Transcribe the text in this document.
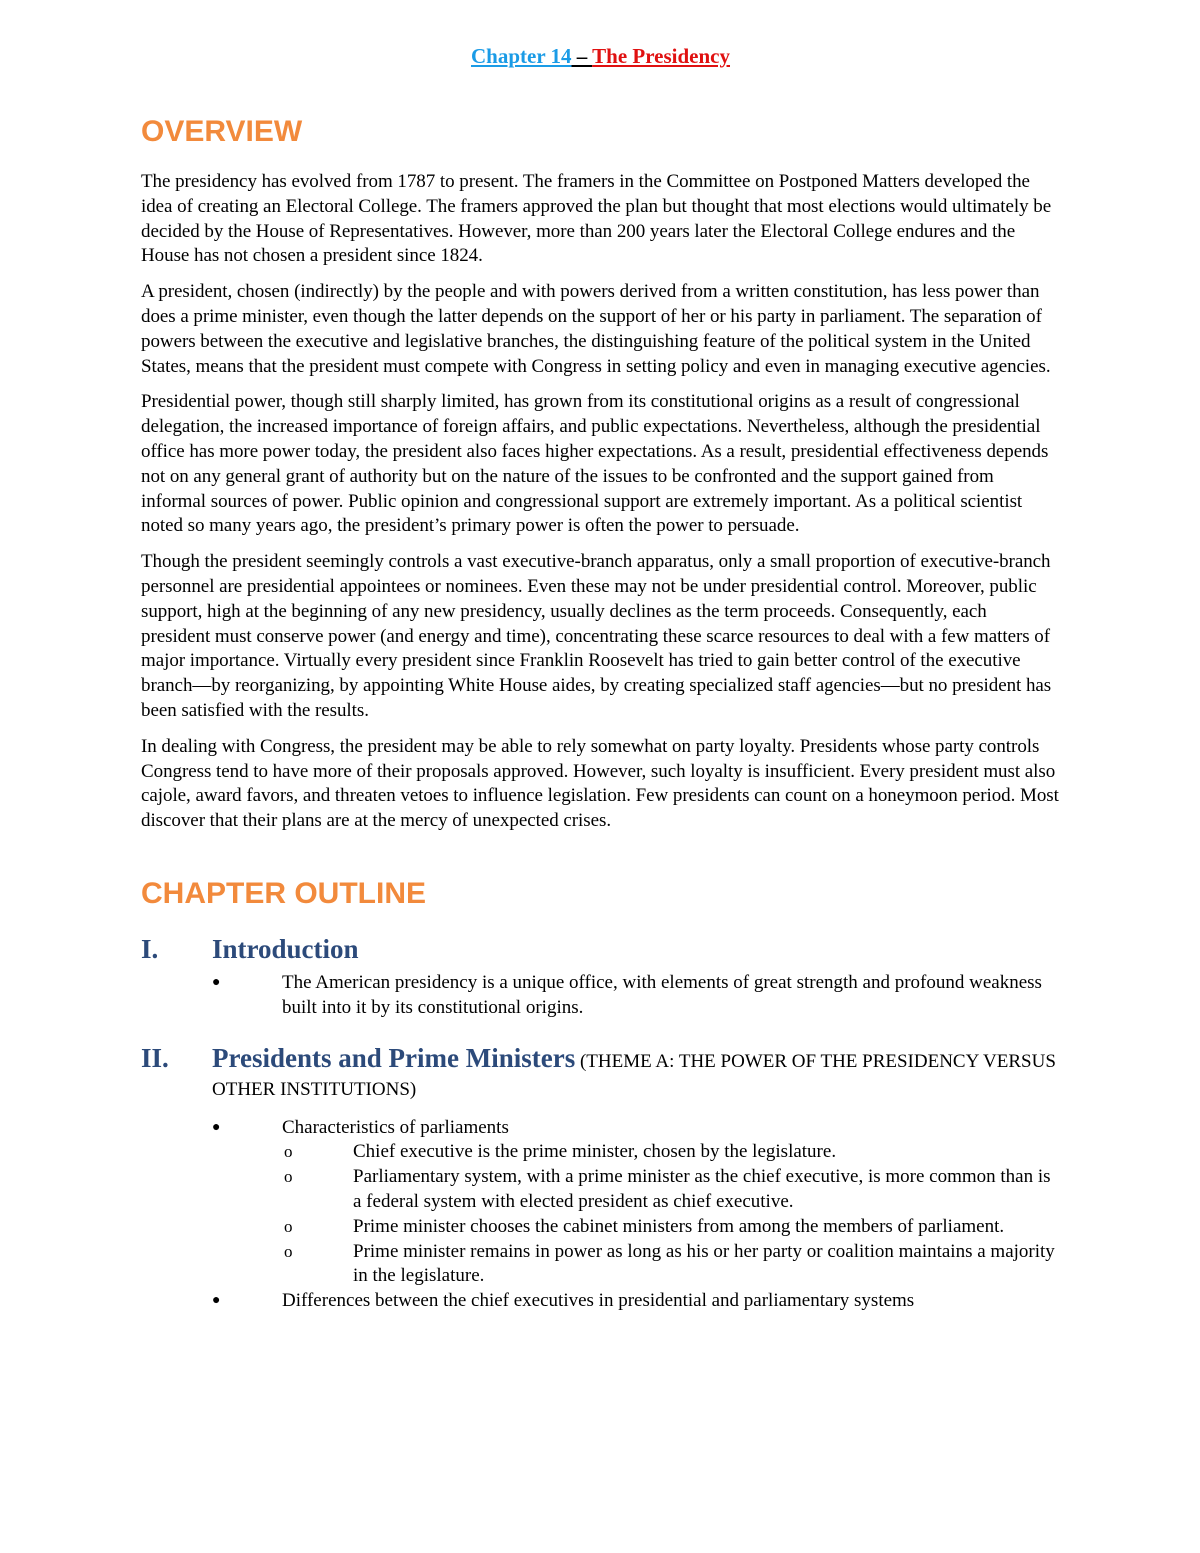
Chapter 14 – The Presidency
OVERVIEW

The presidency has evolved from 1787 to present. The framers in the Committee on Postponed Matters developed the idea of creating an Electoral College. The framers approved the plan but thought that most elections would ultimately be decided by the House of Representatives. However, more than 200 years later the Electoral College endures and the House has not chosen a president since 1824.

A president, chosen (indirectly) by the people and with powers derived from a written constitution, has less power than does a prime minister, even though the latter depends on the support of her or his party in parliament. The separation of powers between the executive and legislative branches, the distinguishing feature of the political system in the United States, means that the president must compete with Congress in setting policy and even in managing executive agencies.

Presidential power, though still sharply limited, has grown from its constitutional origins as a result of congressional delegation, the increased importance of foreign affairs, and public expectations. Nevertheless, although the presidential office has more power today, the president also faces higher expectations. As a result, presidential effectiveness depends not on any general grant of authority but on the nature of the issues to be confronted and the support gained from informal sources of power. Public opinion and congressional support are extremely important. As a political scientist noted so many years ago, the president’s primary power is often the power to persuade.

Though the president seemingly controls a vast executive-branch apparatus, only a small proportion of executive-branch personnel are presidential appointees or nominees. Even these may not be under presidential control. Moreover, public support, high at the beginning of any new presidency, usually declines as the term proceeds. Consequently, each president must conserve power (and energy and time), concentrating these scarce resources to deal with a few matters of major importance. Virtually every president since Franklin Roosevelt has tried to gain better control of the executive branch—by reorganizing, by appointing White House aides, by creating specialized staff agencies—but no president has been satisfied with the results.

In dealing with Congress, the president may be able to rely somewhat on party loyalty. Presidents whose party controls Congress tend to have more of their proposals approved. However, such loyalty is insufficient. Every president must also cajole, award favors, and threaten vetoes to influence legislation. Few presidents can count on a honeymoon period. Most discover that their plans are at the mercy of unexpected crises.

CHAPTER OUTLINE
I.	Introduction
●	The American presidency is a unique office, with elements of great strength and profound weakness built into it by its constitutional origins.
II.	Presidents and Prime Ministers (THEME A: THE POWER OF THE PRESIDENCY VERSUS OTHER INSTITUTIONS)
●	Characteristics of parliaments
o	Chief executive is the prime minister, chosen by the legislature.
o	Parliamentary system, with a prime minister as the chief executive, is more common than is a federal system with elected president as chief executive.
o	Prime minister chooses the cabinet ministers from among the members of parliament.
o	Prime minister remains in power as long as his or her party or coalition maintains a majority in the legislature.
●	Differences between the chief executives in presidential and parliamentary systems
